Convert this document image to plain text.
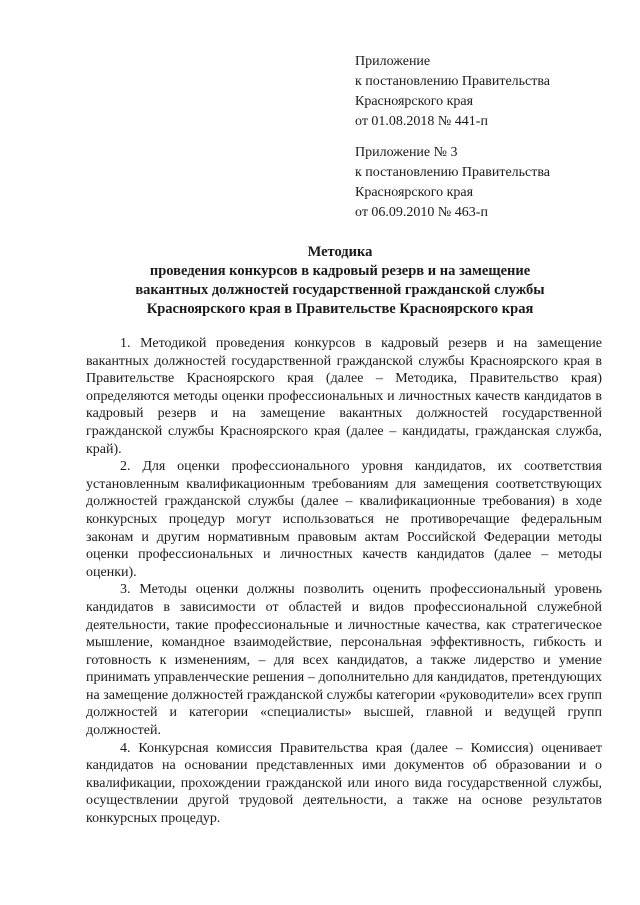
Приложение
к постановлению Правительства
Красноярского края
от 01.08.2018 № 441-п
Приложение № 3
к постановлению Правительства
Красноярского края
от 06.09.2010 № 463-п
Методика
проведения конкурсов в кадровый резерв и на замещение
вакантных должностей государственной гражданской службы
Красноярского края в Правительстве Красноярского края

1. Методикой проведения конкурсов в кадровый резерв и на замещение вакантных должностей государственной гражданской службы Красноярского края в Правительстве Красноярского края (далее – Методика, Правительство края) определяются методы оценки профессиональных и личностных качеств кандидатов в кадровый резерв и на замещение вакантных должностей государственной гражданской службы Красноярского края (далее – кандидаты, гражданская служба, край).

2. Для оценки профессионального уровня кандидатов, их соответствия установленным квалификационным требованиям для замещения соответствующих должностей гражданской службы (далее – квалификационные требования) в ходе конкурсных процедур могут использоваться не противоречащие федеральным законам и другим нормативным правовым актам Российской Федерации методы оценки профессиональных и личностных качеств кандидатов (далее – методы оценки).

3. Методы оценки должны позволить оценить профессиональный уровень кандидатов в зависимости от областей и видов профессиональной служебной деятельности, такие профессиональные и личностные качества, как стратегическое мышление, командное взаимодействие, персональная эффективность, гибкость и готовность к изменениям, – для всех кандидатов, а также лидерство и умение принимать управленческие решения – дополнительно для кандидатов, претендующих на замещение должностей гражданской службы категории «руководители» всех групп должностей и категории «специалисты» высшей, главной и ведущей групп должностей.

4. Конкурсная комиссия Правительства края (далее – Комиссия) оценивает кандидатов на основании представленных ими документов об образовании и о квалификации, прохождении гражданской или иного вида государственной службы, осуществлении другой трудовой деятельности, а также на основе результатов конкурсных процедур.
